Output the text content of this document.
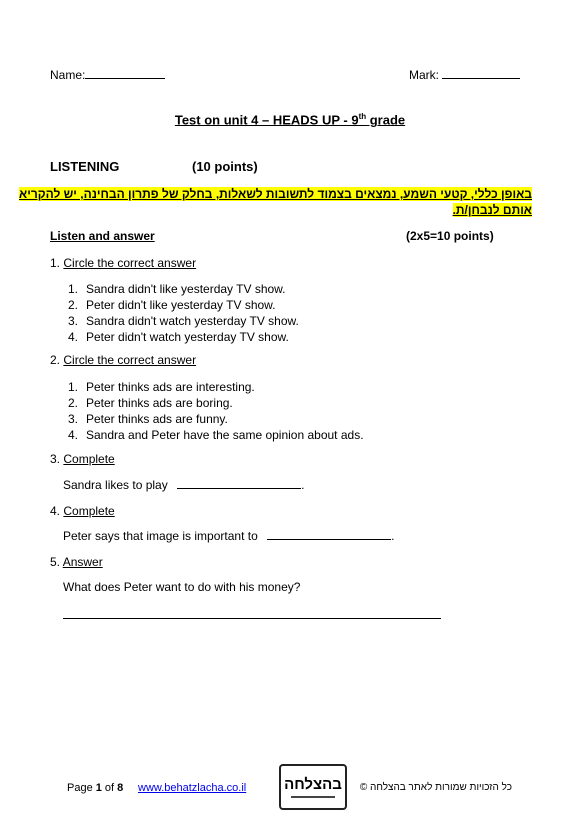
Name:	Mark:
Test on unit 4 – HEADS UP - 9th grade
LISTENING	(10 points)
באופן כללי, קטעי השמע, נמצאים בצמוד לתשובות לשאלות, בחלק של פתרון הבחינה, יש להקריא
אותם לנבחן/ת.
Listen and answer	(2x5=10 points)
1. Circle the correct answer
1. Sandra didn't like yesterday TV show.
2. Peter didn't like yesterday TV show.
3. Sandra didn't watch yesterday TV show.
4. Peter didn't watch yesterday TV show.
2. Circle the correct answer
1. Peter thinks ads are interesting.
2. Peter thinks ads are boring.
3. Peter thinks ads are funny.
4. Sandra and Peter have the same opinion about ads.
3. Complete
Sandra likes to play	.
4. Complete
Peter says that image is important to	.
5. Answer
What does Peter want to do with his money?
Page 1 of 8 www.behatzlacha.co.il	בהצלחה כל הזכויות שמורות לאתר בהצלחה ©
